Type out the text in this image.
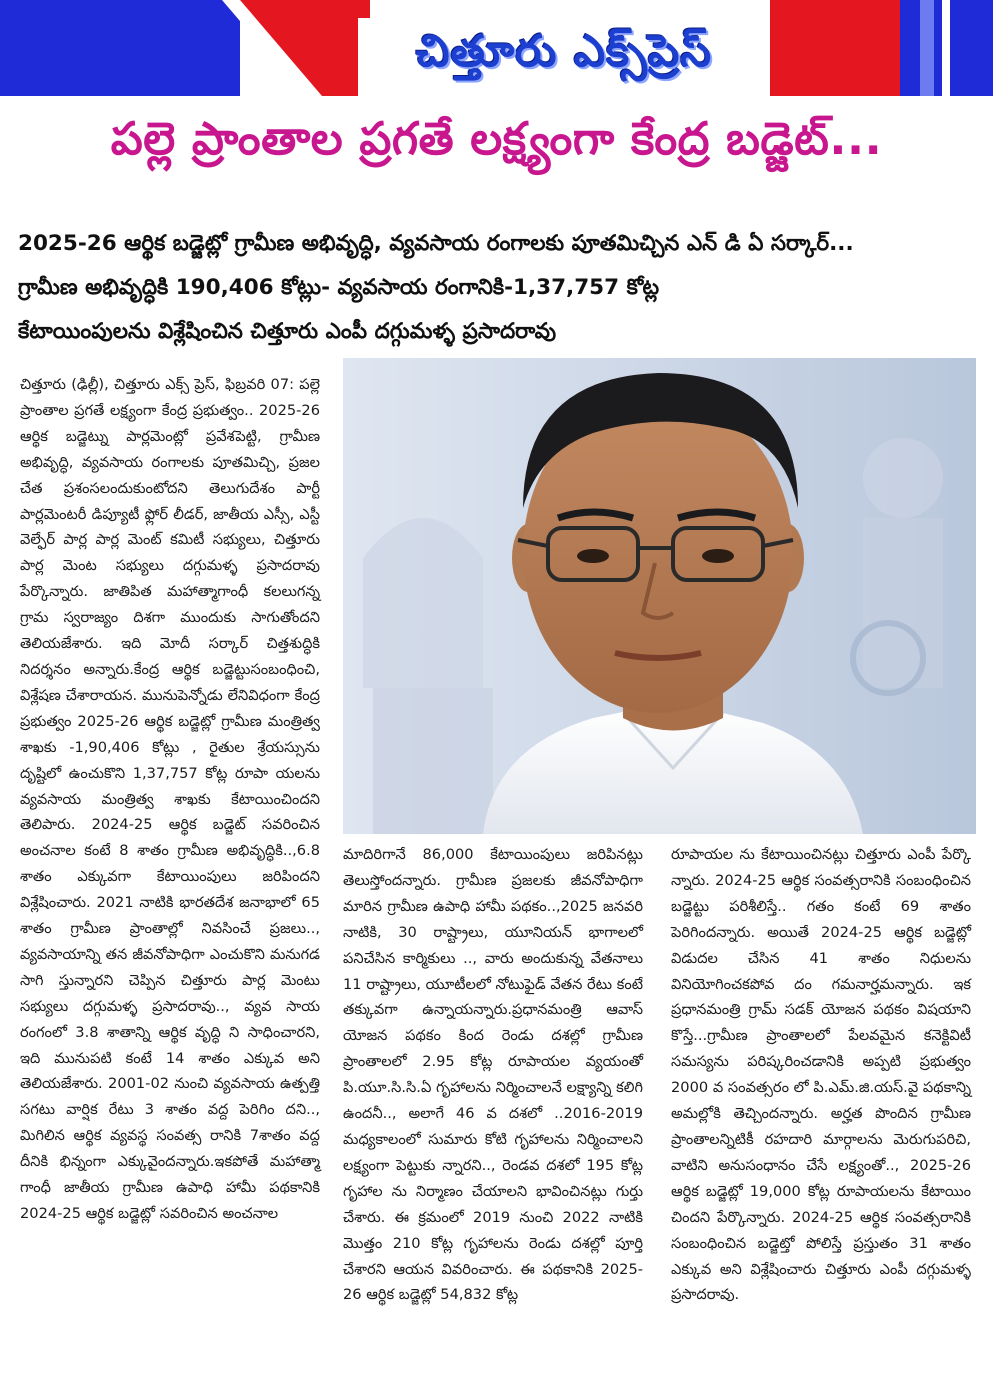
చిత్తూరు ఎక్స్‌ప్రెస్
పల్లె ప్రాంతాల ప్రగతే లక్ష్యంగా కేంద్ర బడ్జెట్...
2025-26 ఆర్థిక బడ్జెట్లో గ్రామీణ అభివృద్ధి, వ్యవసాయ రంగాలకు పూతమిచ్చిన ఎన్ డి ఏ సర్కార్...
గ్రామీణ అభివృద్ధికి 190,406 కోట్లు- వ్యవసాయ రంగానికి-1,37,757 కోట్ల
కేటాయింపులను విశ్లేషించిన చిత్తూరు ఎంపీ దగ్గుమళ్ళ ప్రసాదరావు
చిత్తూరు (ఢిల్లీ), చిత్తూరు ఎక్స్ ప్రెస్, ఫిబ్రవరి 07: పల్లె ప్రాంతాల ప్రగతే లక్ష్యంగా కేంద్ర ప్రభుత్వం.. 2025-26 ఆర్థిక బడ్జెట్ను పార్లమెంట్లో ప్రవేశపెట్టి, గ్రామీణ అభివృద్ధి, వ్యవసాయ రంగాలకు పూతమిచ్చి, ప్రజల చేత ప్రశంసలందుకుంటోదని తెలుగుదేశం పార్టీ పార్లమెంటరీ డిప్యూటీ ఫ్లోర్ లీడర్, జాతీయ ఎస్సీ, ఎస్టీ వెల్ఫేర్ పార్ల పార్ల మెంట్ కమిటీ సభ్యులు, చిత్తూరు పార్ల మెంట సభ్యులు దగ్గుమళ్ళ ప్రసాదరావు పేర్కొన్నారు. జాతిపిత మహాత్మాగాంధీ కలలుగన్న గ్రామ స్వరాజ్యం దిశగా ముందుకు సాగుతోందని తెలియజేశారు. ఇది మోదీ సర్కార్ చిత్తశుద్ధికి నిదర్శనం అన్నారు.కేంద్ర ఆర్థిక బడ్జెట్టుసంబంధించి, విశ్లేషణ చేశారాయన. మునుపెన్నోడు లేనివిధంగా కేంద్ర ప్రభుత్వం 2025-26 ఆర్థిక బడ్జెట్లో గ్రామీణ మంత్రిత్వ శాఖకు -1,90,406 కోట్లు , రైతుల శ్రేయస్సును దృష్టిలో ఉంచుకొని 1,37,757 కోట్ల రూపా యలను వ్యవసాయ మంత్రిత్వ శాఖకు కేటాయించిందని తెలిపారు. 2024-25 ఆర్థిక బడ్జెట్ సవరించిన అంచనాల కంటే 8 శాతం గ్రామీణ అభివృద్ధికి..,6.8 శాతం ఎక్కువగా కేటాయింపులు జరిపిందని విశ్లేషించారు. 2021 నాటికి భారతదేశ జనాభాలో 65 శాతం గ్రామీణ ప్రాంతాల్లో నివసించే ప్రజలు.., వ్యవసాయాన్ని తన జీవనోపాధిగా ఎంచుకొని మనుగడ సాగి స్తున్నారని చెప్పిన చిత్తూరు పార్ల మెంటు సభ్యులు దగ్గుమళ్ళ ప్రసాదరావు.., వ్యవ సాయ రంగంలో 3.8 శాతాన్ని ఆర్థిక వృద్ధి ని సాధించారని, ఇది మునుపటి కంటే 14 శాతం ఎక్కువ అని తెలియజేశారు. 2001-02 నుంచి వ్యవసాయ ఉత్పత్తి సగటు వార్షిక రేటు 3 శాతం వద్ద పెరిగిం దని.., మిగిలిన ఆర్థిక వ్యవస్థ సంవత్స రానికి 7శాతం వద్ద దీనికి భిన్నంగా ఎక్కువైందన్నారు.ఇకపోతే మహాత్మా గాంధీ జాతీయ గ్రామీణ ఉపాధి హామీ పథకానికి 2024-25 ఆర్థిక బడ్జెట్లో సవరించిన అంచనాల
మాదిరిగానే 86,000 కేటాయింపులు జరిపినట్లు తెలుస్తోందన్నారు. గ్రామీణ ప్రజలకు జీవనోపాధిగా మారిన గ్రామీణ ఉపాధి హామీ పథకం..,2025 జనవరి నాటికి, 30 రాష్ట్రాలు, యూనియన్ భాగాలలో పనిచేసిన కార్మికులు .., వారు అందుకున్న వేతనాలు 11 రాష్ట్రాలు, యూటీలలో నోటుఫైడ్ వేతన రేటు కంటే తక్కువగా ఉన్నాయన్నారు.ప్రధానమంత్రి ఆవాస్ యోజన పథకం కింద రెండు దశల్లో గ్రామీణ ప్రాంతాలలో 2.95 కోట్ల రూపాయల వ్యయంతో పి.యూ.సి.సి.ఏ గృహాలను నిర్మించాలనే లక్ష్యాన్ని కలిగి ఉందనీ.., అలాగే 46 వ దశలో ..2016-2019 మధ్యకాలంలో సుమారు కోటి గృహాలను నిర్మించాలని లక్ష్యంగా పెట్టుకు న్నారని.., రెండవ దశలో 195 కోట్ల గృహాల ను నిర్మాణం చేయాలని భావించినట్లు గుర్తు చేశారు. ఈ క్రమంలో 2019 నుంచి 2022 నాటికి మొత్తం 210 కోట్ల గృహాలను రెండు దశల్లో పూర్తి చేశారని ఆయన వివరించారు. ఈ పథకానికి 2025-26 ఆర్థిక బడ్జెట్లో 54,832 కోట్ల
రూపాయల ను కేటాయించినట్లు చిత్తూరు ఎంపీ పేర్కొ న్నారు. 2024-25 ఆర్థిక సంవత్సరానికి సంబంధించిన బడ్జెట్టు పరిశీలిస్తే.. గతం కంటే 69 శాతం పెరిగిందన్నారు. అయితే 2024-25 ఆర్థిక బడ్జెట్లో విడుదల చేసిన 41 శాతం నిధులను వినియోగించకపోవ దం గమనార్హమన్నారు. ఇక ప్రధానమంత్రి గ్రామ్ సడక్ యోజన పథకం విషయాని కొస్తే...గ్రామీణ ప్రాంతాలలో పేలవమైన కనెక్టివిటీ సమస్యను పరిష్కరించడానికి అప్పటి ప్రభుత్వం 2000 వ సంవత్సరం లో పి.ఎమ్.జి.యస్.వై పథకాన్ని అమల్లోకి తెచ్చిందన్నారు. అర్హత పొందిన గ్రామీణ ప్రాంతాలన్నిటికీ రహదారి మార్గాలను మెరుగుపరిచి, వాటిని అనుసంధానం చేసే లక్ష్యంతో.., 2025-26 ఆర్థిక బడ్జెట్లో 19,000 కోట్ల రూపాయలను కేటాయిం చిందని పేర్కొన్నారు. 2024-25 ఆర్థిక సంవత్సరానికి సంబంధించిన బడ్జెట్తో పోలిస్తే ప్రస్తుతం 31 శాతం ఎక్కువ అని విశ్లేషించారు చిత్తూరు ఎంపీ దగ్గుమళ్ళ ప్రసాదరావు.
